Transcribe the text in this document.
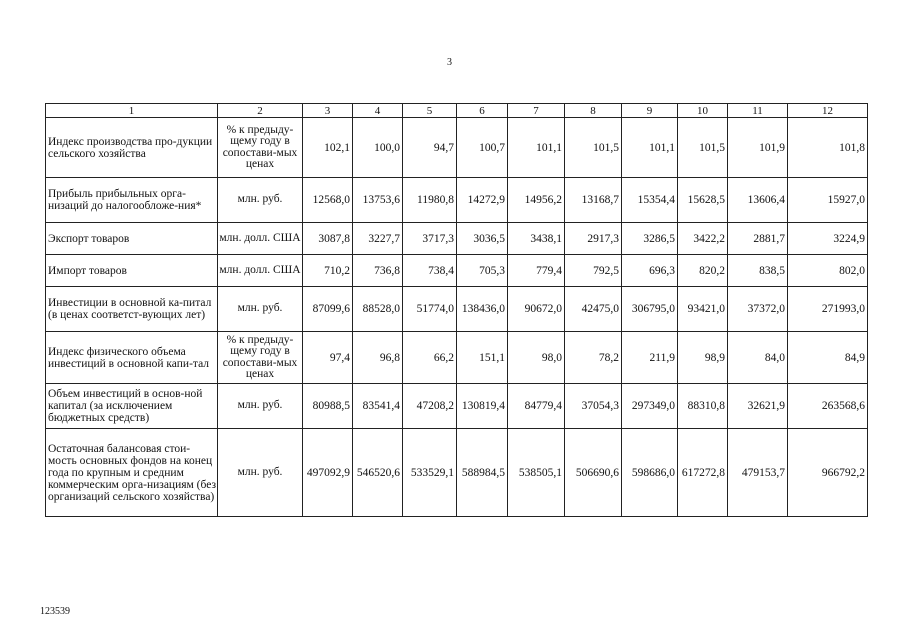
3
1	2	3	4	5	6	7	8	9	10	11	12
Индекс производства про-дукции сельского хозяйства	% к предыду-щему году в сопостави-мых ценах	102,1	100,0	94,7	100,7	101,1	101,5	101,1	101,5	101,9	101,8
Прибыль прибыльных орга-низаций до налогообложе-ния*	млн. руб.	12568,0	13753,6	11980,8	14272,9	14956,2	13168,7	15354,4	15628,5	13606,4	15927,0
Экспорт товаров	млн. долл. США	3087,8	3227,7	3717,3	3036,5	3438,1	2917,3	3286,5	3422,2	2881,7	3224,9
Импорт товаров	млн. долл. США	710,2	736,8	738,4	705,3	779,4	792,5	696,3	820,2	838,5	802,0
Инвестиции в основной ка-питал (в ценах соответст-вующих лет)	млн. руб.	87099,6	88528,0	51774,0	138436,0	90672,0	42475,0	306795,0	93421,0	37372,0	271993,0
Индекс физического объема инвестиций в основной капи-тал	% к предыду-щему году в сопостави-мых ценах	97,4	96,8	66,2	151,1	98,0	78,2	211,9	98,9	84,0	84,9
Объем инвестиций в основ-ной капитал (за исключением бюджетных средств)	млн. руб.	80988,5	83541,4	47208,2	130819,4	84779,4	37054,3	297349,0	88310,8	32621,9	263568,6
Остаточная балансовая стои-мость основных фондов на конец года по крупным и средним коммерческим орга-низациям (без организаций сельского хозяйства)	млн. руб.	497092,9	546520,6	533529,1	588984,5	538505,1	506690,6	598686,0	617272,8	479153,7	966792,2
123539
